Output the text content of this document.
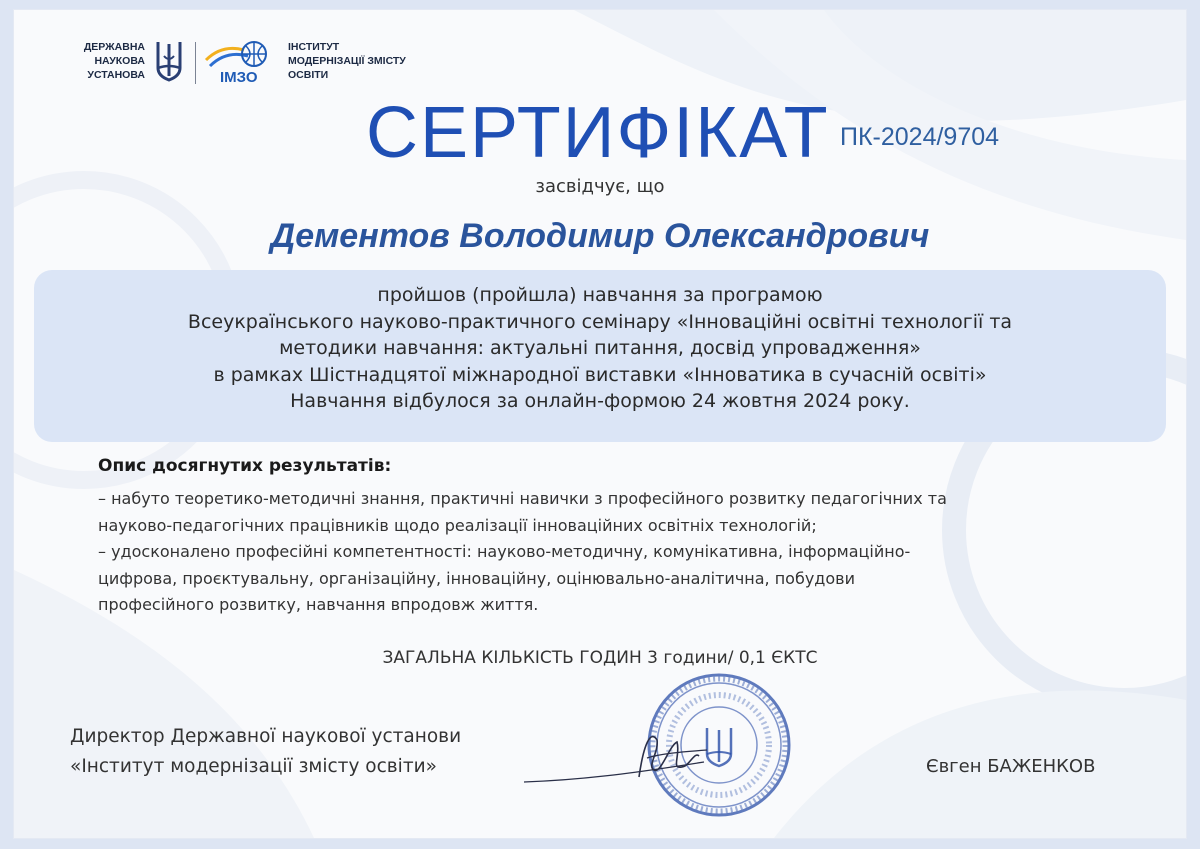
ДЕРЖАВНА
НАУКОВА
УСТАНОВА	ІМЗО
ІНСТИТУТ
МОДЕРНІЗАЦІЇ ЗМІСТУ
ОСВІТИ
СЕРТИФІКАТ ПК-2024/9704
засвідчує, що
Дементов Володимир Олександрович
пройшов (пройшла) навчання за програмою
Всеукраїнського науково-практичного семінару «Інноваційні освітні технології та
методики навчання: актуальні питання, досвід упровадження»
в рамках Шістнадцятої міжнародної виставки «Інноватика в сучасній освіті»
Навчання відбулося за онлайн-формою 24 жовтня 2024 року.
Опис досягнутих результатів:
– набуто теоретико-методичні знання, практичні навички з професійного розвитку педагогічних та
науково-педагогічних працівників щодо реалізації інноваційних освітніх технологій;
– удосконалено професійні компетентності: науково-методичну, комунікативна, інформаційно-
цифрова, проєктувальну, організаційну, інноваційну, оцінювально-аналітична, побудови
професійного розвитку, навчання впродовж життя.
ЗАГАЛЬНА КІЛЬКІСТЬ ГОДИН 3 години/ 0,1 ЄКТС
Директор Державної наукової установи
«Інститут модернізації змісту освіти»	Євген БАЖЕНКОВ
